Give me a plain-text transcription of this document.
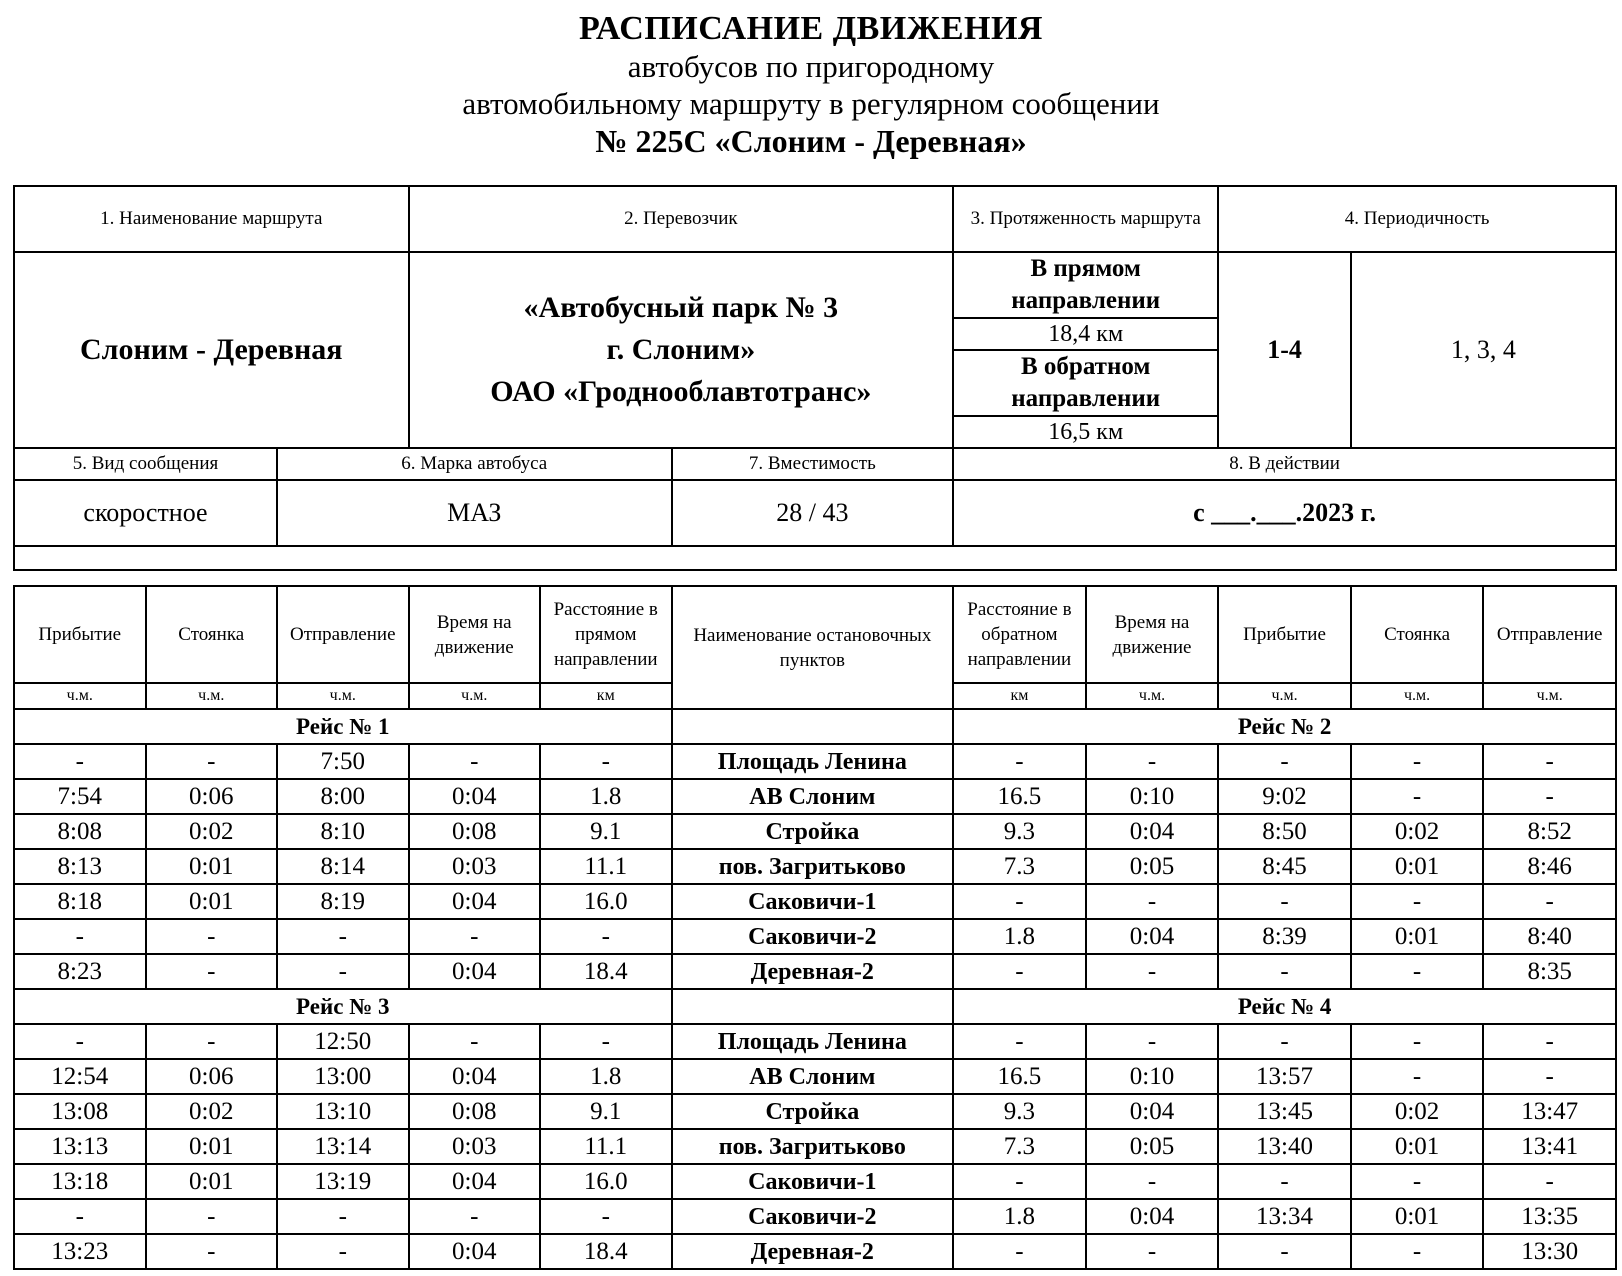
РАСПИСАНИЕ ДВИЖЕНИЯ
автобусов по пригородному
автомобильному маршруту в регулярном сообщении
№ 225С «Слоним - Деревная»
1. Наименование маршрута		2. Перевозчик		3. Протяженность маршрута	4. Периодичность	
Слоним - Деревная		«Автобусный парк № 3
г. Слоним»
ОАО «Гроднооблавтотранс»		В прямом направлении	1-4	1, 3, 4
				18,4 км		
				В обратном направлении		
				16,5 км		
5. Вид сообщения	6. Марка автобуса		7. Вместимость	8. В действии		
скоростное	МАЗ		28 / 43	с ___.___.2023 г.		

Прибытие	Стоянка	Отправление	Время на движение	Расстояние в прямом направлении	Наименование остановочных пунктов	Расстояние в обратном направлении	Время на движение	Прибытие	Стоянка	Отправление
ч.м.	ч.м.	ч.м.	ч.м.	км		км	ч.м.	ч.м.	ч.м.	ч.м.
Рейс № 1						Рейс № 2				
-	-	7:50	-	-	Площадь Ленина	-	-	-	-	-
7:54	0:06	8:00	0:04	1.8	АВ Слоним	16.5	0:10	9:02	-	-
8:08	0:02	8:10	0:08	9.1	Стройка	9.3	0:04	8:50	0:02	8:52
8:13	0:01	8:14	0:03	11.1	пов. Загритьково	7.3	0:05	8:45	0:01	8:46
8:18	0:01	8:19	0:04	16.0	Саковичи-1	-	-	-	-	-
-	-	-	-	-	Саковичи-2	1.8	0:04	8:39	0:01	8:40
8:23	-	-	0:04	18.4	Деревная-2	-	-	-	-	8:35
Рейс № 3						Рейс № 4				
-	-	12:50	-	-	Площадь Ленина	-	-	-	-	-
12:54	0:06	13:00	0:04	1.8	АВ Слоним	16.5	0:10	13:57	-	-
13:08	0:02	13:10	0:08	9.1	Стройка	9.3	0:04	13:45	0:02	13:47
13:13	0:01	13:14	0:03	11.1	пов. Загритьково	7.3	0:05	13:40	0:01	13:41
13:18	0:01	13:19	0:04	16.0	Саковичи-1	-	-	-	-	-
-	-	-	-	-	Саковичи-2	1.8	0:04	13:34	0:01	13:35
13:23	-	-	0:04	18.4	Деревная-2	-	-	-	-	13:30
